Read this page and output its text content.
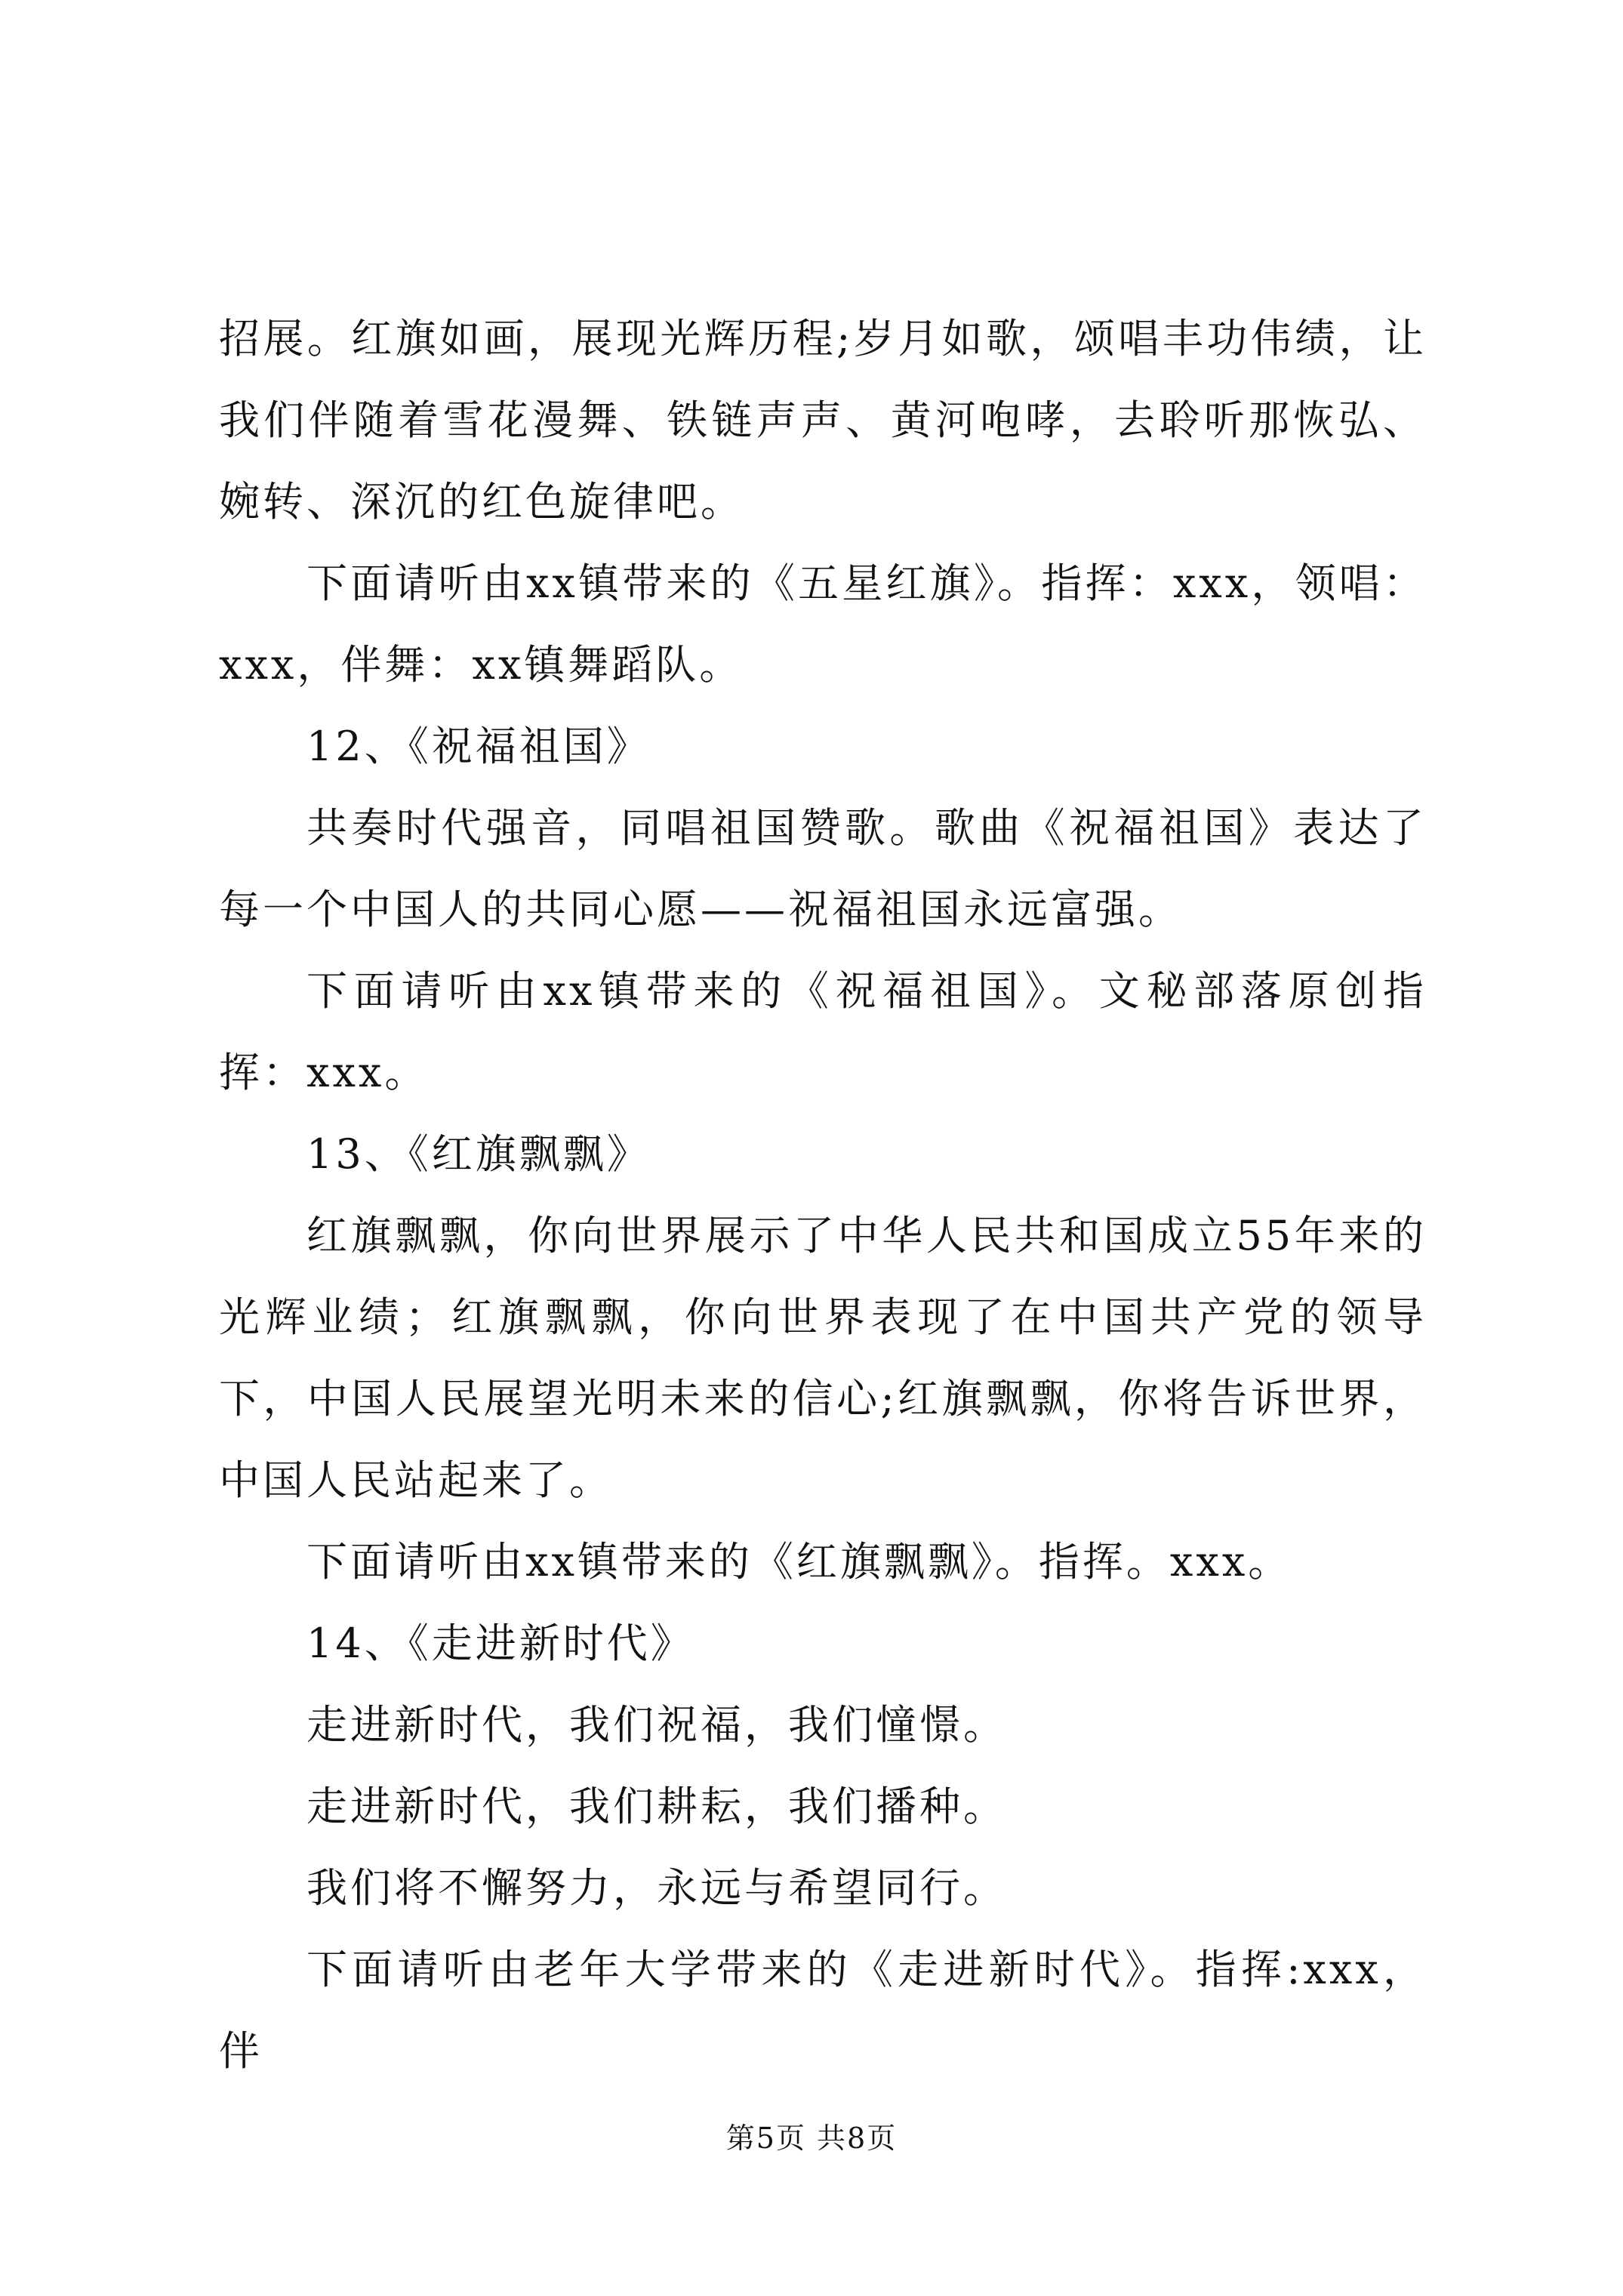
招展。红旗如画，展现光辉历程;岁月如歌，颂唱丰功伟绩，让我们伴随着雪花漫舞、铁链声声、黄河咆哮，去聆听那恢弘、婉转、深沉的红色旋律吧。

下面请听由xx镇带来的《五星红旗》。指挥：xxx，领唱：xxx，伴舞：xx镇舞蹈队。

12、《祝福祖国》

共奏时代强音，同唱祖国赞歌。歌曲《祝福祖国》表达了每一个中国人的共同心愿——祝福祖国永远富强。

下面请听由xx镇带来的《祝福祖国》。文秘部落原创指挥：xxx。

13、《红旗飘飘》

红旗飘飘，你向世界展示了中华人民共和国成立55年来的光辉业绩；红旗飘飘，你向世界表现了在中国共产党的领导下，中国人民展望光明未来的信心;红旗飘飘，你将告诉世界，中国人民站起来了。

下面请听由xx镇带来的《红旗飘飘》。指挥。xxx。

14、《走进新时代》

走进新时代，我们祝福，我们憧憬。

走进新时代，我们耕耘，我们播种。

我们将不懈努力，永远与希望同行。

下面请听由老年大学带来的《走进新时代》。指挥:xxx，伴

第5页 共8页
